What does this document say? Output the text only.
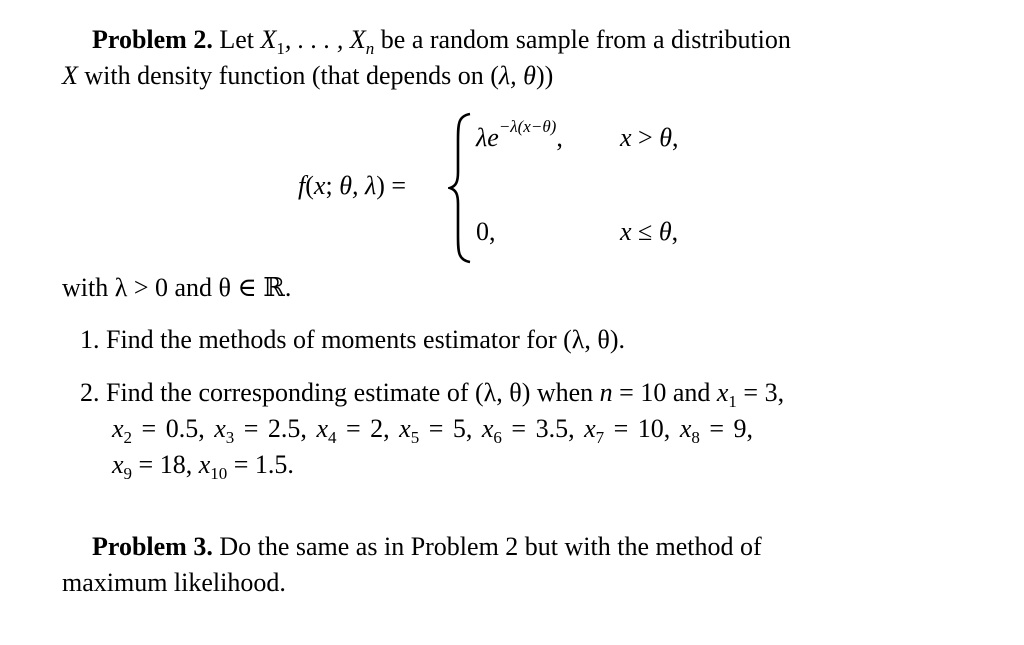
Problem 2. Let $X_1$, . . . , $X_n$ be a random sample from a distribution
X with density function (that depends on (λ, θ))
f(x; θ, λ) =
$\lambda e^{-\lambda(x-\theta)}$, x > θ,
0,	x ≤ θ,
with λ > 0 and θ ∈ ℝ.
1. Find the methods of moments estimator for (λ, θ).
2. Find the corresponding estimate of (λ, θ) when n = 10 and $x_1 = 3$,
$x_2 = 0.5$, $x_3 = 2.5$, $x_4 = 2$, $x_5 = 5$, $x_6 = 3.5$, $x_7 = 10$, $x_8 = 9$,
$x_9 = 18$, $x_{10} = 1.5$.
Problem 3. Do the same as in Problem 2 but with the method of
maximum likelihood.
